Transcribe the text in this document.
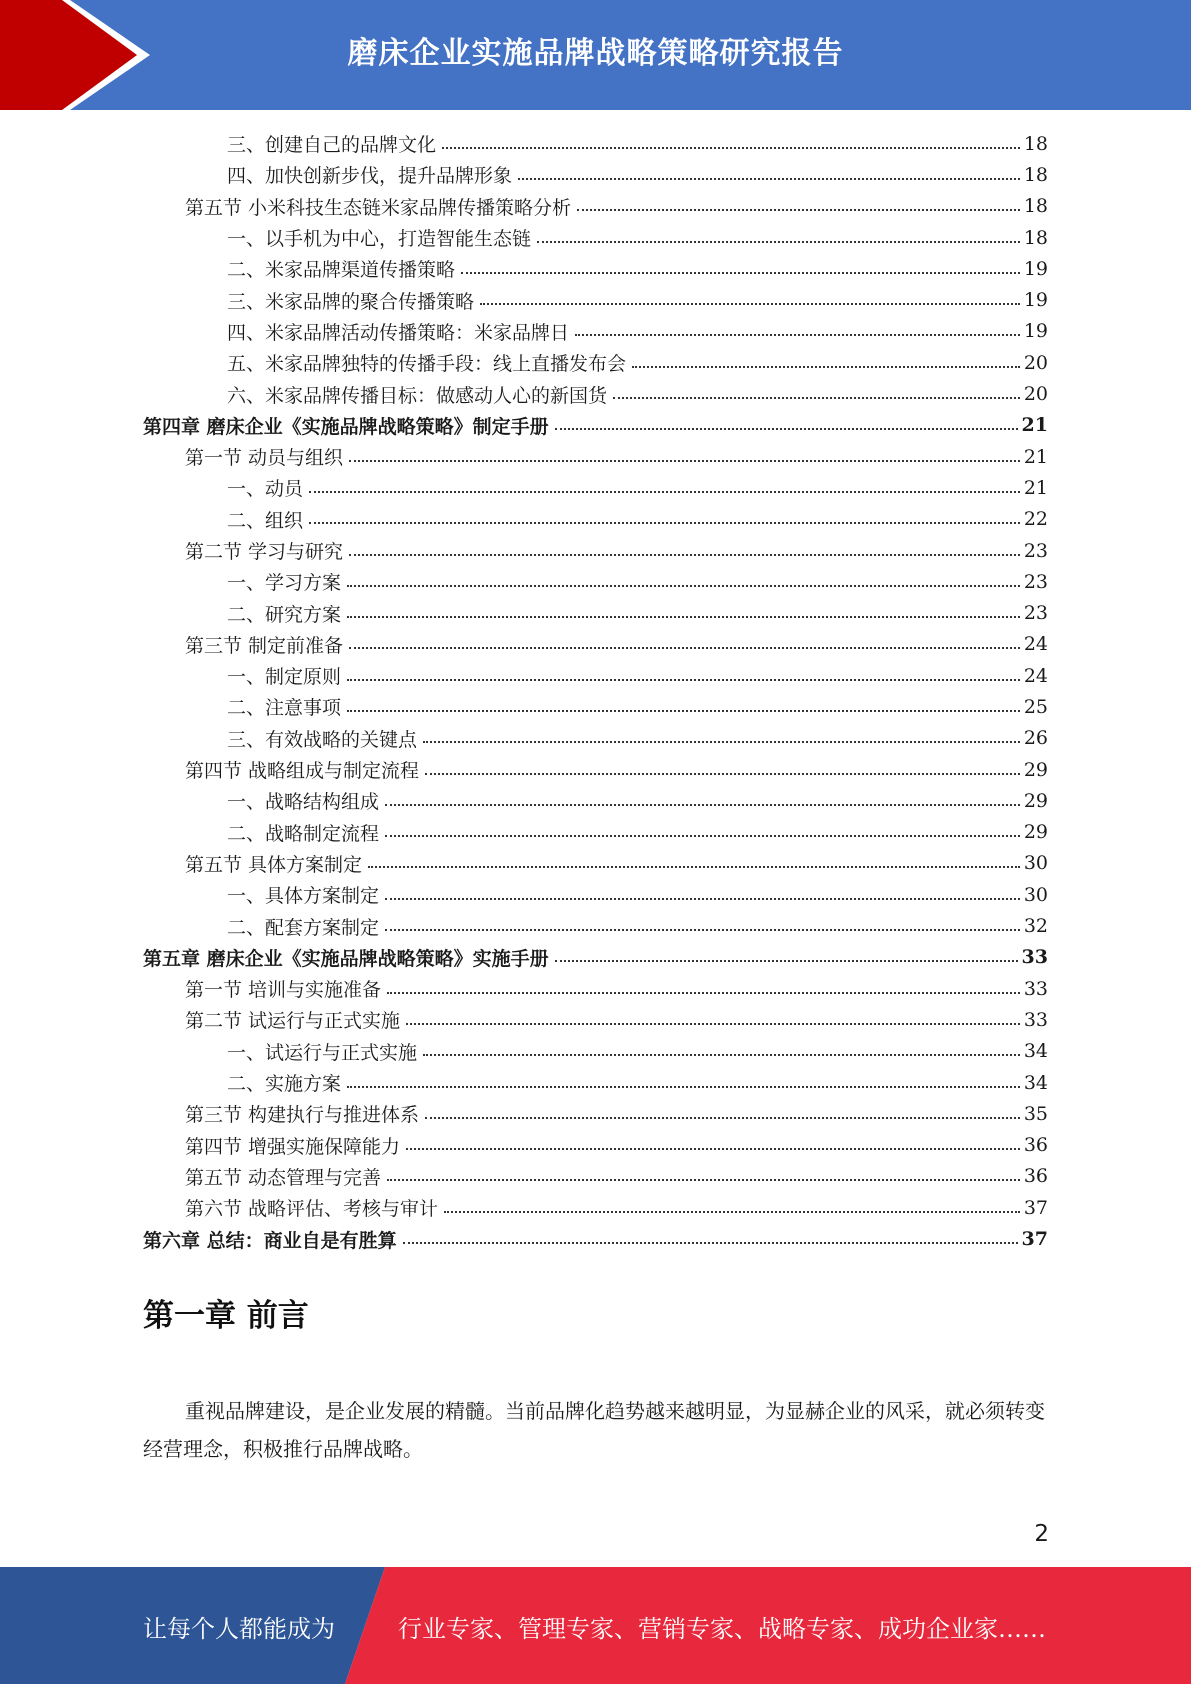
磨床企业实施品牌战略策略研究报告
三、创建自己的品牌文化	18
四、加快创新步伐，提升品牌形象	18
第五节 小米科技生态链米家品牌传播策略分析	18
一、以手机为中心，打造智能生态链	18
二、米家品牌渠道传播策略	19
三、米家品牌的聚合传播策略	19
四、米家品牌活动传播策略：米家品牌日	19
五、米家品牌独特的传播手段：线上直播发布会	20
六、米家品牌传播目标：做感动人心的新国货	20
第四章 磨床企业《实施品牌战略策略》制定手册	21
第一节 动员与组织	21
一、动员	21
二、组织	22
第二节 学习与研究	23
一、学习方案	23
二、研究方案	23
第三节 制定前准备	24
一、制定原则	24
二、注意事项	25
三、有效战略的关键点	26
第四节 战略组成与制定流程	29
一、战略结构组成	29
二、战略制定流程	29
第五节 具体方案制定	30
一、具体方案制定	30
二、配套方案制定	32
第五章 磨床企业《实施品牌战略策略》实施手册	33
第一节 培训与实施准备	33
第二节 试运行与正式实施	33
一、试运行与正式实施	34
二、实施方案	34
第三节 构建执行与推进体系	35
第四节 增强实施保障能力	36
第五节 动态管理与完善	36
第六节 战略评估、考核与审计	37
第六章 总结：商业自是有胜算	37
第一章 前言

重视品牌建设，是企业发展的精髓。当前品牌化趋势越来越明显，为显赫企业的风采，就必须转变经营理念，积极推行品牌战略。

2
让每个人都能成为	行业专家、管理专家、营销专家、战略专家、成功企业家……
